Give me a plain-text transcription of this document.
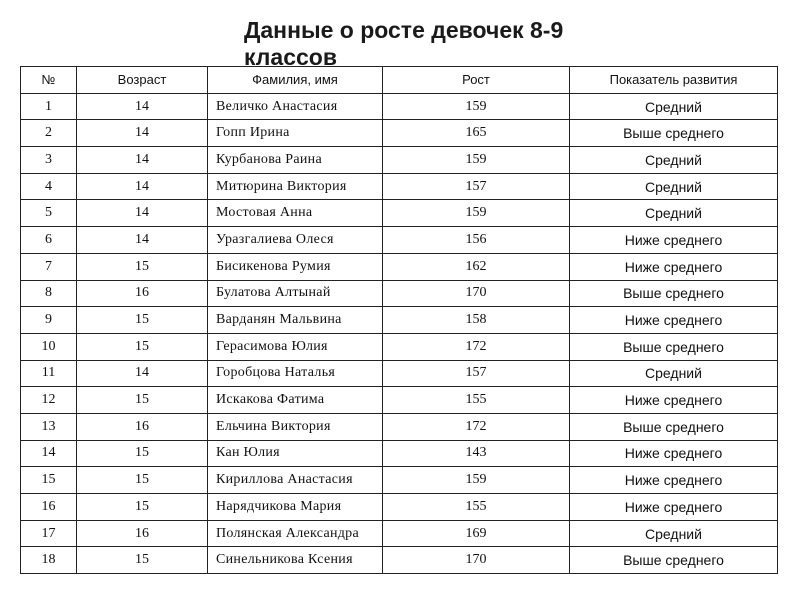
Данные о росте девочек 8-9 классов
№	Возраст	Фамилия, имя	Рост	Показатель развития
1	14	Величко Анастасия	159	Средний
2	14	Гопп Ирина	165	Выше среднего
3	14	Курбанова Раина	159	Средний
4	14	Митюрина Виктория	157	Средний
5	14	Мостовая Анна	159	Средний
6	14	Уразгалиева Олеся	156	Ниже среднего
7	15	Бисикенова Румия	162	Ниже среднего
8	16	Булатова Алтынай	170	Выше среднего
9	15	Варданян Мальвина	158	Ниже среднего
10	15	Герасимова Юлия	172	Выше среднего
11	14	Горобцова Наталья	157	Средний
12	15	Искакова Фатима	155	Ниже среднего
13	16	Ельчина Виктория	172	Выше среднего
14	15	Кан Юлия	143	Ниже среднего
15	15	Кириллова Анастасия	159	Ниже среднего
16	15	Нарядчикова Мария	155	Ниже среднего
17	16	Полянская Александра	169	Средний
18	15	Синельникова Ксения	170	Выше среднего
